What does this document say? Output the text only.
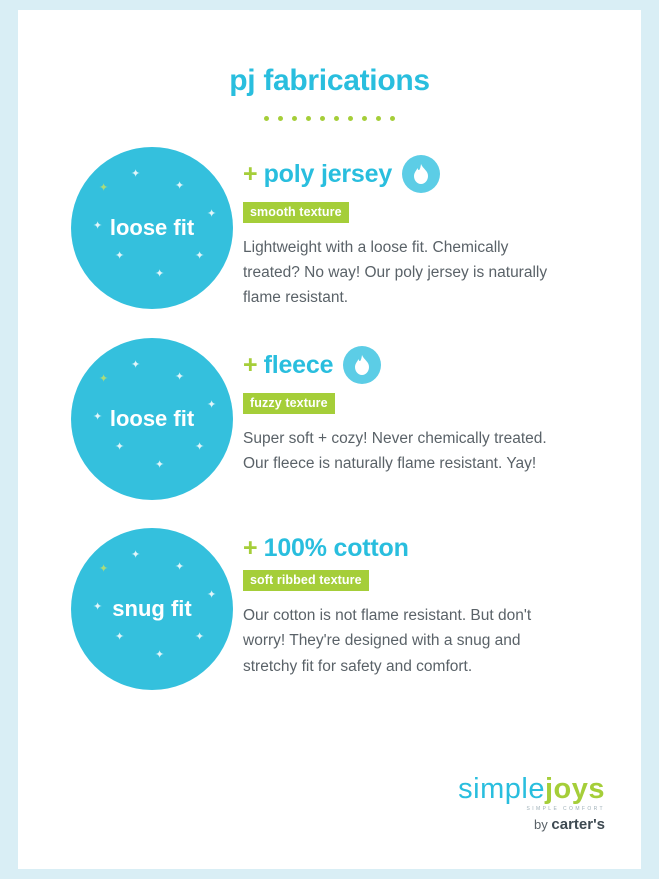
pj fabrications
✦
✦
✦
✦
✦
✦
✦
✦
loose fit
+ poly jersey
smooth texture
Lightweight with a loose fit. Chemically treated? No way! Our poly jersey is naturally flame resistant.
✦
✦
✦
✦
✦
✦
✦
✦
loose fit
+ fleece
fuzzy texture
Super soft + cozy! Never chemically treated. Our fleece is naturally flame resistant. Yay!
✦
✦
✦
✦
✦
✦
✦
✦
snug fit
+ 100% cotton
soft ribbed texture
Our cotton is not flame resistant. But don't worry! They're designed with a snug and stretchy fit for safety and comfort.
simplejoys
SIMPLE COMFORT
by carter's
